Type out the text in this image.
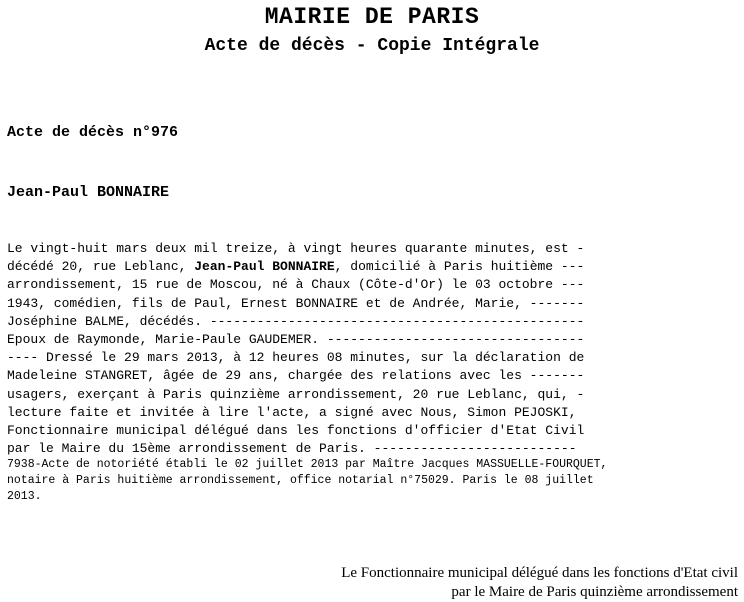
MAIRIE DE PARIS
Acte de décès - Copie Intégrale
Acte de décès n°976
Jean-Paul BONNAIRE
Le vingt-huit mars deux mil treize, à vingt heures quarante minutes, est -
décédé 20, rue Leblanc, Jean-Paul BONNAIRE, domicilié à Paris huitième ---
arrondissement, 15 rue de Moscou, né à Chaux (Côte-d'Or) le 03 octobre ---
1943, comédien, fils de Paul, Ernest BONNAIRE et de Andrée, Marie, -------
Joséphine BALME, décédés. ------------------------------------------------
Epoux de Raymonde, Marie-Paule GAUDEMER. ---------------------------------
---- Dressé le 29 mars 2013, à 12 heures 08 minutes, sur la déclaration de
Madeleine STANGRET, âgée de 29 ans, chargée des relations avec les -------
usagers, exerçant à Paris quinzième arrondissement, 20 rue Leblanc, qui, -
lecture faite et invitée à lire l'acte, a signé avec Nous, Simon PEJOSKI,
Fonctionnaire municipal délégué dans les fonctions d'officier d'Etat Civil
par le Maire du 15ème arrondissement de Paris. --------------------------
7938-Acte de notoriété établi le 02 juillet 2013 par Maître Jacques MASSUELLE-FOURQUET,
notaire à Paris huitième arrondissement, office notarial n°75029. Paris le 08 juillet
2013.
Le Fonctionnaire municipal délégué dans les fonctions d'Etat civil
par le Maire de Paris quinzième arrondissement
